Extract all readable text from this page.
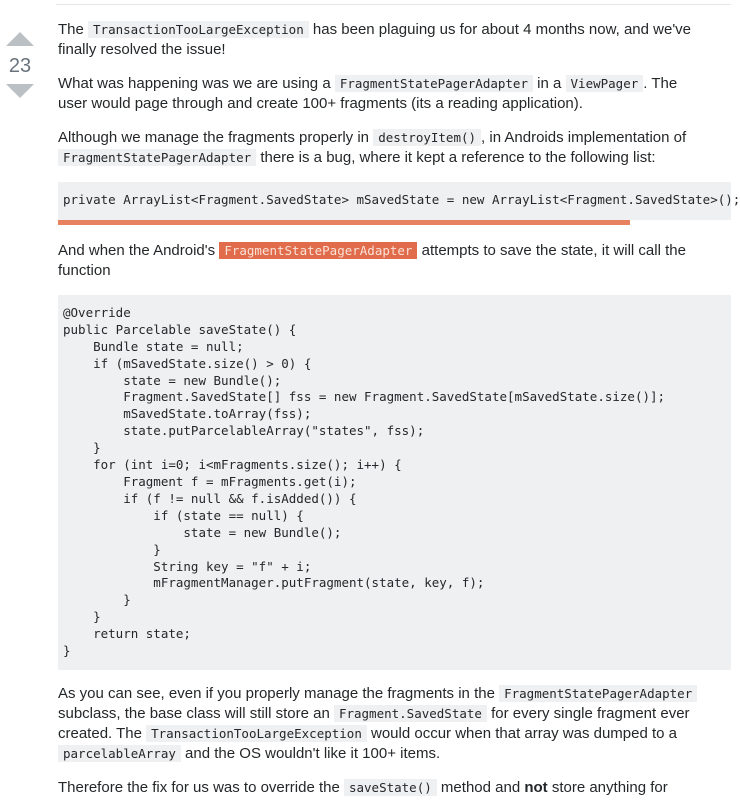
23

The TransactionTooLargeException has been plaguing us for about 4 months now, and we've finally resolved the issue!

What was happening was we are using a FragmentStatePagerAdapter in a ViewPager . The user would page through and create 100+ fragments (its a reading application).

Although we manage the fragments properly in destroyItem() , in Androids implementation of FragmentStatePagerAdapter there is a bug, where it kept a reference to the following list:

private ArrayList<Fragment.SavedState> mSavedState = new ArrayList<Fragment.SavedState>();

And when the Android's FragmentStatePagerAdapter attempts to save the state, it will call the function

@Override
public Parcelable saveState() {
Bundle state = null;
if (mSavedState.size() > 0) {
state = new Bundle();
Fragment.SavedState[] fss = new Fragment.SavedState[mSavedState.size()];
mSavedState.toArray(fss);
state.putParcelableArray("states", fss);
}
for (int i=0; i<mFragments.size(); i++) {
Fragment f = mFragments.get(i);
if (f != null && f.isAdded()) {
if (state == null) {
state = new Bundle();
}
String key = "f" + i;
mFragmentManager.putFragment(state, key, f);
}
}
return state;
}

As you can see, even if you properly manage the fragments in the FragmentStatePagerAdapter subclass, the base class will still store an Fragment.SavedState for every single fragment ever created. The TransactionTooLargeException would occur when that array was dumped to a parcelableArray and the OS wouldn't like it 100+ items.

Therefore the fix for us was to override the saveState() method and not store anything for
